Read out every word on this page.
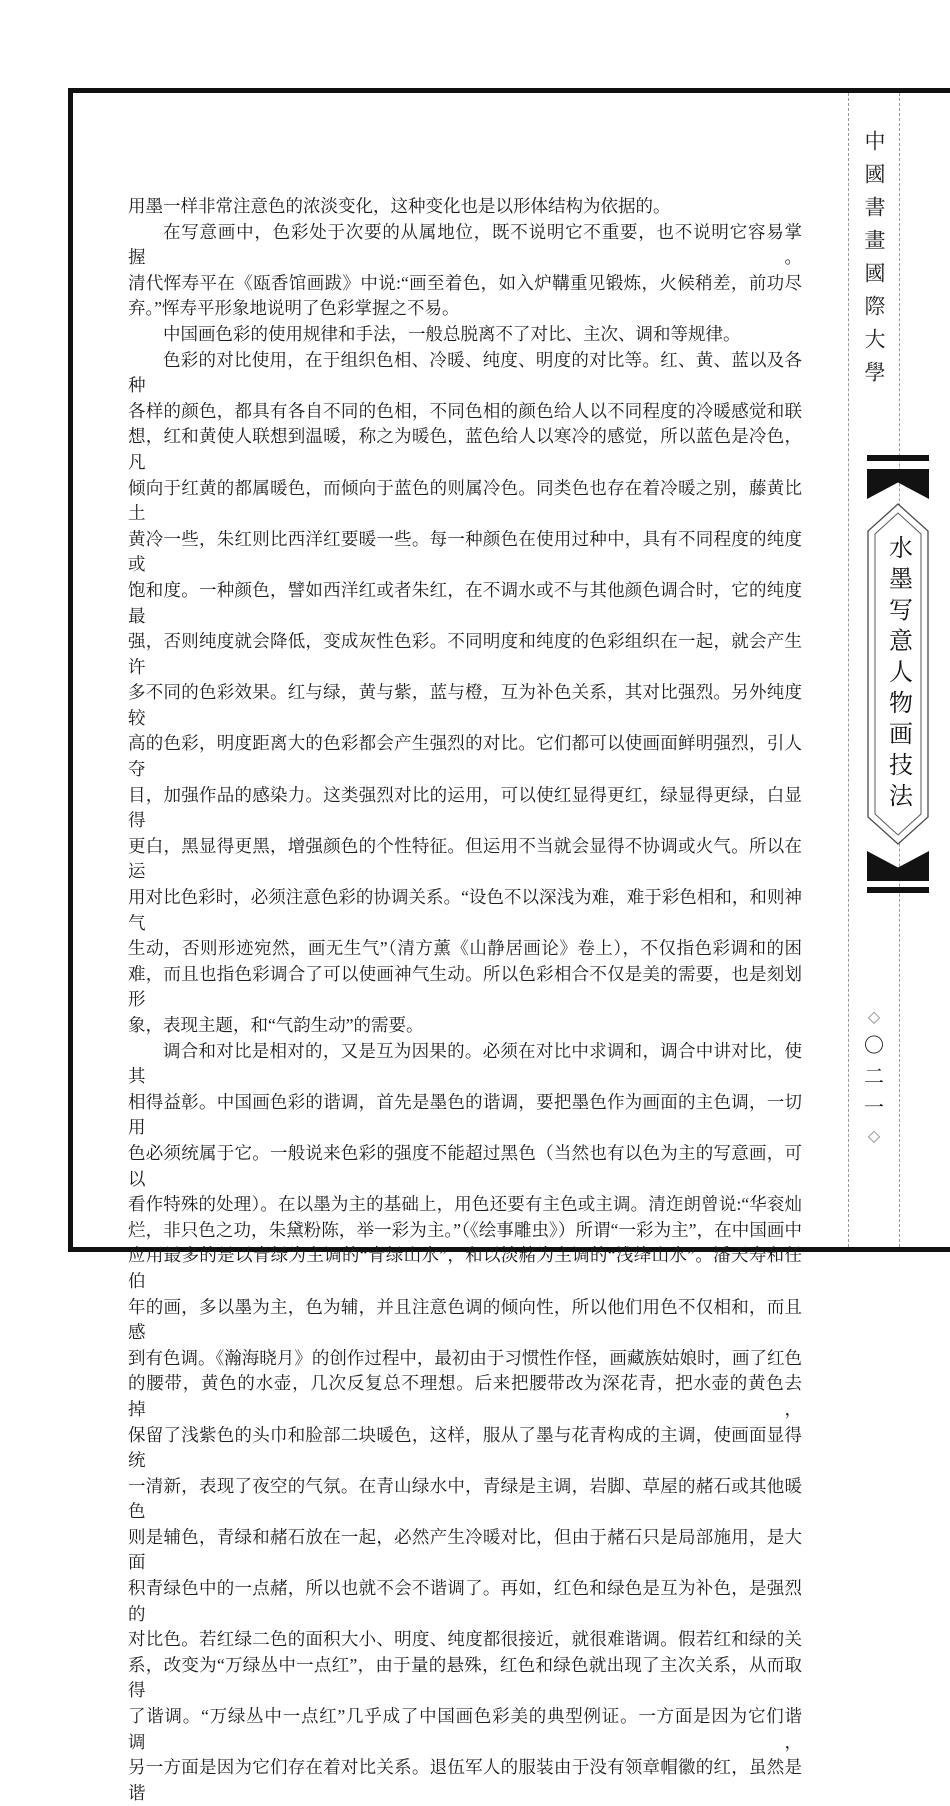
用墨一样非常注意色的浓淡变化，这种变化也是以形体结构为依据的。
在写意画中，色彩处于次要的从属地位，既不说明它不重要，也不说明它容易掌握。
清代恽寿平在《瓯香馆画跋》中说:“画至着色，如入炉鞲重见锻炼，火候稍差，前功尽
弃。”恽寿平形象地说明了色彩掌握之不易。
中国画色彩的使用规律和手法，一般总脱离不了对比、主次、调和等规律。
色彩的对比使用，在于组织色相、冷暖、纯度、明度的对比等。红、黄、蓝以及各种
各样的颜色，都具有各自不同的色相，不同色相的颜色给人以不同程度的冷暖感觉和联
想，红和黄使人联想到温暖，称之为暖色，蓝色给人以寒冷的感觉，所以蓝色是冷色，凡
倾向于红黄的都属暖色，而倾向于蓝色的则属冷色。同类色也存在着冷暖之别，藤黄比土
黄冷一些，朱红则比西洋红要暖一些。每一种颜色在使用过种中，具有不同程度的纯度或
饱和度。一种颜色，譬如西洋红或者朱红，在不调水或不与其他颜色调合时，它的纯度最
强，否则纯度就会降低，变成灰性色彩。不同明度和纯度的色彩组织在一起，就会产生许
多不同的色彩效果。红与绿，黄与紫，蓝与橙，互为补色关系，其对比强烈。另外纯度较
高的色彩，明度距离大的色彩都会产生强烈的对比。它们都可以使画面鲜明强烈，引人夺
目，加强作品的感染力。这类强烈对比的运用，可以使红显得更红，绿显得更绿，白显得
更白，黑显得更黑，增强颜色的个性特征。但运用不当就会显得不协调或火气。所以在运
用对比色彩时，必须注意色彩的协调关系。“设色不以深浅为难，难于彩色相和，和则神气
生动，否则形迹宛然，画无生气”（清方薰《山静居画论》卷上），不仅指色彩调和的困
难，而且也指色彩调合了可以使画神气生动。所以色彩相合不仅是美的需要，也是刻划形
象，表现主题，和“气韵生动”的需要。
调合和对比是相对的，又是互为因果的。必须在对比中求调和，调合中讲对比，使其
相得益彰。中国画色彩的谐调，首先是墨色的谐调，要把墨色作为画面的主色调，一切用
色必须统属于它。一般说来色彩的强度不能超过黑色（当然也有以色为主的写意画，可以
看作特殊的处理）。在以墨为主的基础上，用色还要有主色或主调。清迮朗曾说:“华衮灿
烂，非只色之功，朱黛粉陈，举一彩为主。”（《绘事雕虫》）所谓“一彩为主”，在中国画中
应用最多的是以青绿为主调的“青绿山水”，和以淡赭为主调的“浅绛山水”。潘天寿和任伯
年的画，多以墨为主，色为辅，并且注意色调的倾向性，所以他们用色不仅相和，而且感
到有色调。《瀚海晓月》的创作过程中，最初由于习惯性作怪，画藏族姑娘时，画了红色
的腰带，黄色的水壶，几次反复总不理想。后来把腰带改为深花青，把水壶的黄色去掉，
保留了浅紫色的头巾和脸部二块暖色，这样，服从了墨与花青构成的主调，使画面显得统
一清新，表现了夜空的气氛。在青山绿水中，青绿是主调，岩脚、草屋的赭石或其他暖色
则是辅色，青绿和赭石放在一起，必然产生冷暖对比，但由于赭石只是局部施用，是大面
积青绿色中的一点赭，所以也就不会不谐调了。再如，红色和绿色是互为补色，是强烈的
对比色。若红绿二色的面积大小、明度、纯度都很接近，就很难谐调。假若红和绿的关
系，改变为“万绿丛中一点红”，由于量的悬殊，红色和绿色就出现了主次关系，从而取得
了谐调。“万绿丛中一点红”几乎成了中国画色彩美的典型例证。一方面是因为它们谐调，
另一方面是因为它们存在着对比关系。退伍军人的服装由于没有领章帽徽的红，虽然是谐
中國書畫國際大學
水墨写意人物画技法
◇
〇
二
一
◇
